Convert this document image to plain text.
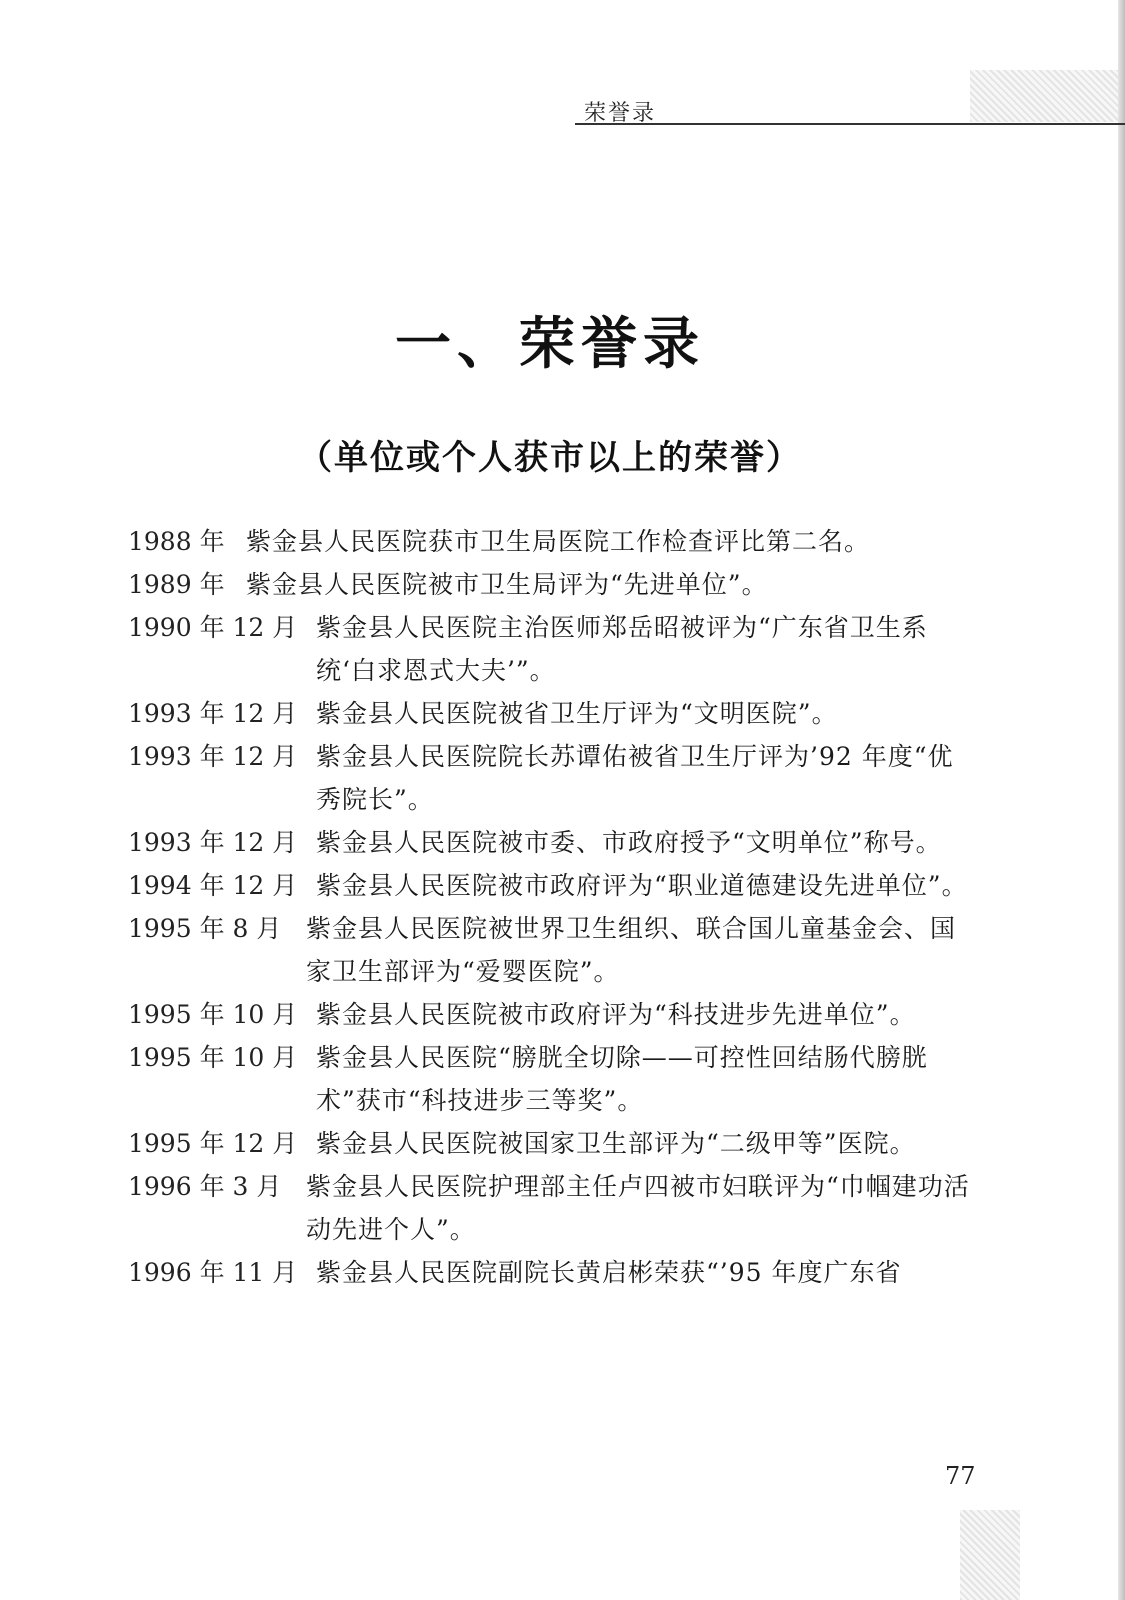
荣誉录
一、荣誉录
（单位或个人获市以上的荣誉）
1988 年 紫金县人民医院获市卫生局医院工作检查评比第二名。
1989 年 紫金县人民医院被市卫生局评为“先进单位”。
1990 年 12 月 紫金县人民医院主治医师郑岳昭被评为“广东省卫生系统‘白求恩式大夫’”。
1993 年 12 月 紫金县人民医院被省卫生厅评为“文明医院”。
1993 年 12 月 紫金县人民医院院长苏谭佑被省卫生厅评为’92 年度“优秀院长”。
1993 年 12 月 紫金县人民医院被市委、市政府授予“文明单位”称号。
1994 年 12 月 紫金县人民医院被市政府评为“职业道德建设先进单位”。
1995 年 8 月 紫金县人民医院被世界卫生组织、联合国儿童基金会、国家卫生部评为“爱婴医院”。
1995 年 10 月 紫金县人民医院被市政府评为“科技进步先进单位”。
1995 年 10 月 紫金县人民医院“膀胱全切除——可控性回结肠代膀胱术”获市“科技进步三等奖”。
1995 年 12 月 紫金县人民医院被国家卫生部评为“二级甲等”医院。
1996 年 3 月 紫金县人民医院护理部主任卢四被市妇联评为“巾帼建功活动先进个人”。
1996 年 11 月 紫金县人民医院副院长黄启彬荣获“’95 年度广东省
77
